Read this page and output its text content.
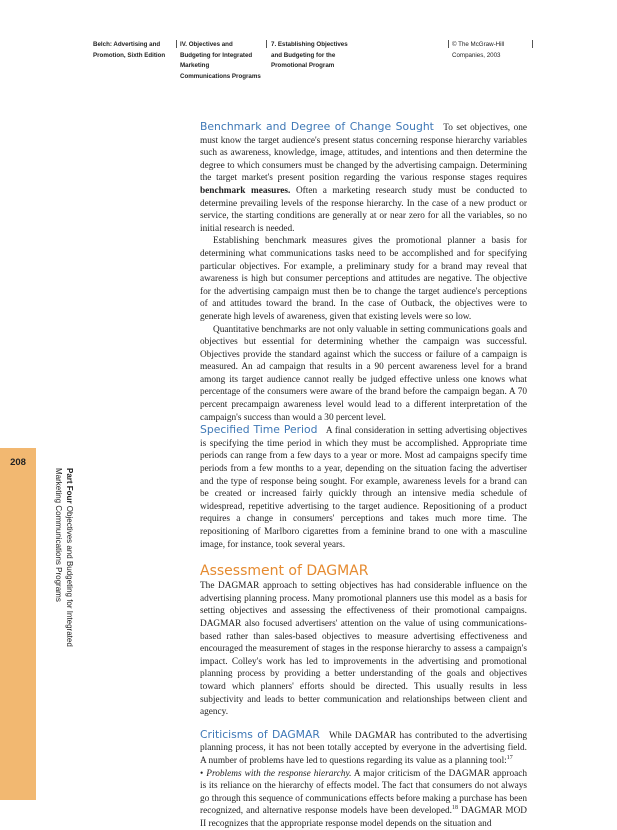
Belch: Advertising and
Promotion, Sixth Edition
IV. Objectives and
Budgeting for Integrated
Marketing
Communications Programs
7. Establishing Objectives
and Budgeting for the
Promotional Program
© The McGraw-Hill
Companies, 2003
208
Part Four Objectives and Budgeting for Integrated Marketing Communications Programs

Benchmark and Degree of Change Sought To set objectives, one must know the target audience's present status concerning response hierarchy variables such as awareness, knowledge, image, attitudes, and intentions and then determine the degree to which consumers must be changed by the advertising campaign. Determining the target market's present position regarding the various response stages requires benchmark measures. Often a marketing research study must be conducted to determine prevailing levels of the response hierarchy. In the case of a new product or service, the starting conditions are generally at or near zero for all the variables, so no initial research is needed.

Establishing benchmark measures gives the promotional planner a basis for determining what communications tasks need to be accomplished and for specifying particular objectives. For example, a preliminary study for a brand may reveal that awareness is high but consumer perceptions and attitudes are negative. The objective for the advertising campaign must then be to change the target audience's perceptions of and attitudes toward the brand. In the case of Outback, the objectives were to generate high levels of awareness, given that existing levels were so low.

Quantitative benchmarks are not only valuable in setting communications goals and objectives but essential for determining whether the campaign was successful. Objectives provide the standard against which the success or failure of a campaign is measured. An ad campaign that results in a 90 percent awareness level for a brand among its target audience cannot really be judged effective unless one knows what percentage of the consumers were aware of the brand before the campaign began. A 70 percent precampaign awareness level would lead to a different interpretation of the campaign's success than would a 30 percent level.

Specified Time Period A final consideration in setting advertising objectives is specifying the time period in which they must be accomplished. Appropriate time periods can range from a few days to a year or more. Most ad campaigns specify time periods from a few months to a year, depending on the situation facing the advertiser and the type of response being sought. For example, awareness levels for a brand can be created or increased fairly quickly through an intensive media schedule of widespread, repetitive advertising to the target audience. Repositioning of a product requires a change in consumers' perceptions and takes much more time. The repositioning of Marlboro cigarettes from a feminine brand to one with a masculine image, for instance, took several years.

Assessment of DAGMAR
The DAGMAR approach to setting objectives has had considerable influence on the advertising planning process. Many promotional planners use this model as a basis for setting objectives and assessing the effectiveness of their promotional campaigns. DAGMAR also focused advertisers' attention on the value of using communications-based rather than sales-based objectives to measure advertising effectiveness and encouraged the measurement of stages in the response hierarchy to assess a campaign's impact. Colley's work has led to improvements in the advertising and promotional planning process by providing a better understanding of the goals and objectives toward which planners' efforts should be directed. This usually results in less subjectivity and leads to better communication and relationships between client and agency.

Criticisms of DAGMAR While DAGMAR has contributed to the advertising planning process, it has not been totally accepted by everyone in the advertising field. A number of problems have led to questions regarding its value as a planning tool:$^{17}$

• Problems with the response hierarchy. A major criticism of the DAGMAR approach is its reliance on the hierarchy of effects model. The fact that consumers do not always go through this sequence of communications effects before making a purchase has been recognized, and alternative response models have been developed.$^{18}$ DAGMAR MOD II recognizes that the appropriate response model depends on the situation and
